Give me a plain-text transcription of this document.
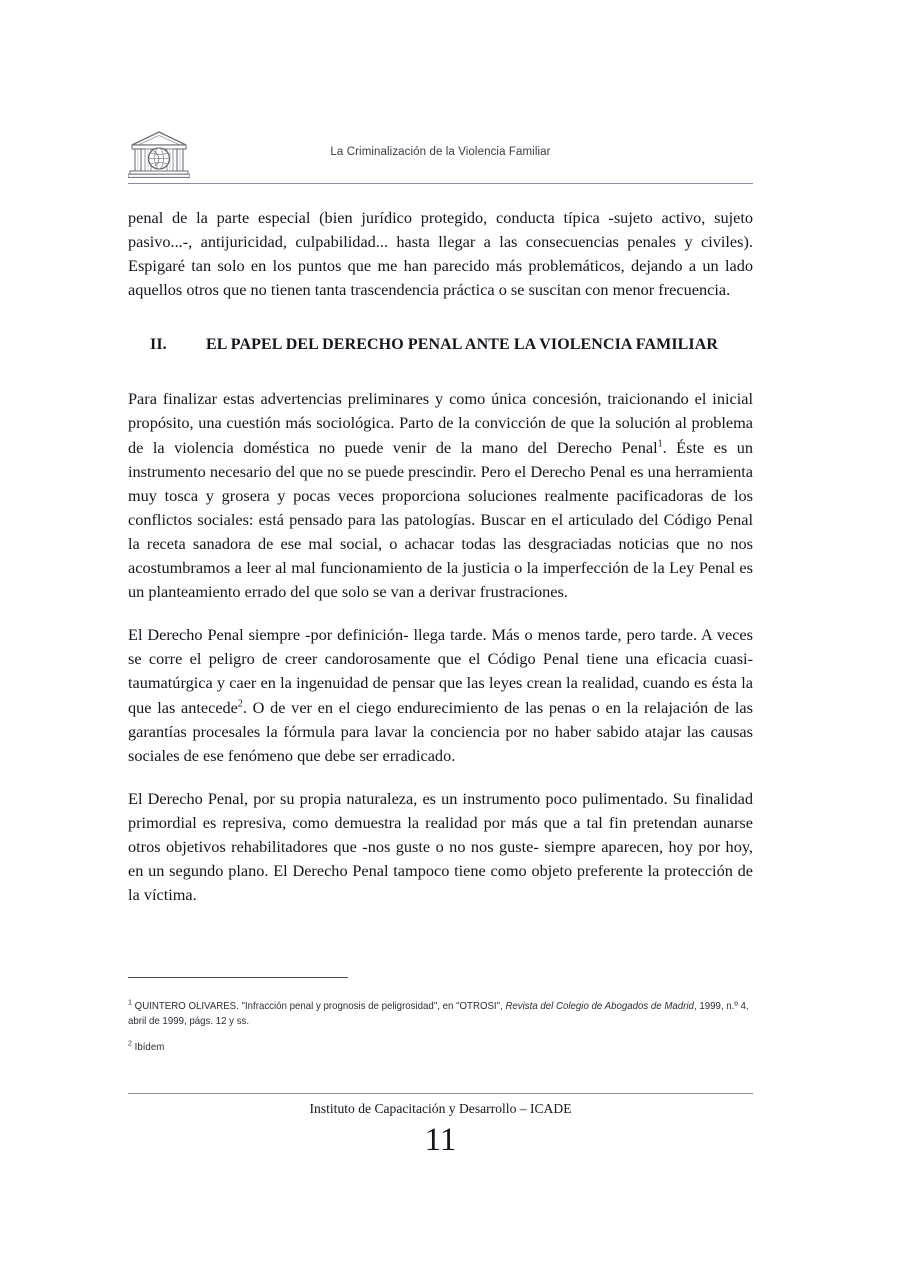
La Criminalización de la Violencia Familiar

penal de la parte especial (bien jurídico protegido, conducta típica -sujeto activo, sujeto pasivo...-, antijuricidad, culpabilidad... hasta llegar a las consecuencias penales y civiles). Espigaré tan solo en los puntos que me han parecido más problemáticos, dejando a un lado aquellos otros que no tienen tanta trascendencia práctica o se suscitan con menor frecuencia.

II.	EL PAPEL DEL DERECHO PENAL ANTE LA VIOLENCIA FAMILIAR

Para finalizar estas advertencias preliminares y como única concesión, traicionando el inicial propósito, una cuestión más sociológica. Parto de la convicción de que la solución al problema de la violencia doméstica no puede venir de la mano del Derecho Penal$^1$. Éste es un instrumento necesario del que no se puede prescindir. Pero el Derecho Penal es una herramienta muy tosca y grosera y pocas veces proporciona soluciones realmente pacificadoras de los conflictos sociales: está pensado para las patologías. Buscar en el articulado del Código Penal la receta sanadora de ese mal social, o achacar todas las desgraciadas noticias que no nos acostumbramos a leer al mal funcionamiento de la justicia o la imperfección de la Ley Penal es un planteamiento errado del que solo se van a derivar frustraciones.

El Derecho Penal siempre -por definición- llega tarde. Más o menos tarde, pero tarde. A veces se corre el peligro de creer candorosamente que el Código Penal tiene una eficacia cuasi-taumatúrgica y caer en la ingenuidad de pensar que las leyes crean la realidad, cuando es ésta la que las antecede$^2$. O de ver en el ciego endurecimiento de las penas o en la relajación de las garantías procesales la fórmula para lavar la conciencia por no haber sabido atajar las causas sociales de ese fenómeno que debe ser erradicado.

El Derecho Penal, por su propia naturaleza, es un instrumento poco pulimentado. Su finalidad primordial es represiva, como demuestra la realidad por más que a tal fin pretendan aunarse otros objetivos rehabilitadores que -nos guste o no nos guste- siempre aparecen, hoy por hoy, en un segundo plano. El Derecho Penal tampoco tiene como objeto preferente la protección de la víctima.

$^1$ QUINTERO OLIVARES. "Infracción penal y prognosis de peligrosidad", en "OTROSI", Revista del Colegio de Abogados de Madrid, 1999, n.º 4, abril de 1999, págs. 12 y ss.
$^2$ Ibídem
Instituto de Capacitación y Desarrollo – ICADE
11
